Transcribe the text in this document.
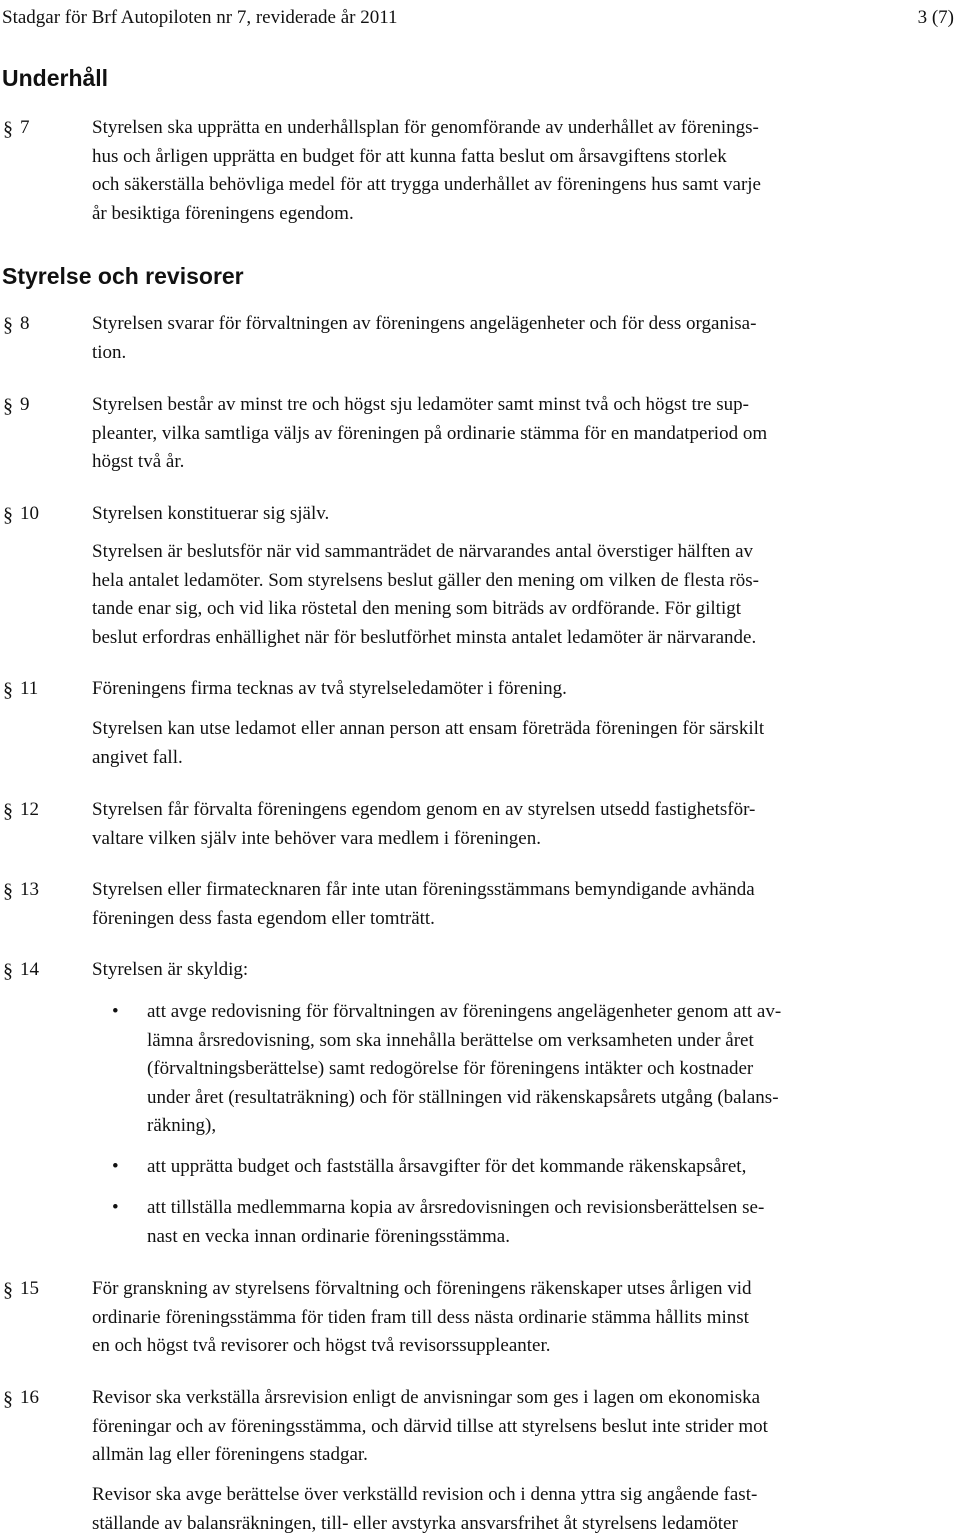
Stadgar för Brf Autopiloten nr 7, reviderade år 2011	3 (7)
Underhåll
§ 7	Styrelsen ska upprätta en underhållsplan för genomförande av underhållet av förenings-
hus och årligen upprätta en budget för att kunna fatta beslut om årsavgiftens storlek
och säkerställa behövliga medel för att trygga underhållet av föreningens hus samt varje
år besiktiga föreningens egendom.
Styrelse och revisorer
§ 8	Styrelsen svarar för förvaltningen av föreningens angelägenheter och för dess organisa-
tion.
§ 9	Styrelsen består av minst tre och högst sju ledamöter samt minst två och högst tre sup-
pleanter, vilka samtliga väljs av föreningen på ordinarie stämma för en mandatperiod om
högst två år.
§ 10	Styrelsen konstituerar sig själv.
Styrelsen är beslutsför när vid sammanträdet de närvarandes antal överstiger hälften av
hela antalet ledamöter. Som styrelsens beslut gäller den mening om vilken de flesta rös-
tande enar sig, och vid lika röstetal den mening som biträds av ordförande. För giltigt
beslut erfordras enhällighet när för beslutförhet minsta antalet ledamöter är närvarande.
§ 11	Föreningens firma tecknas av två styrelseledamöter i förening.
Styrelsen kan utse ledamot eller annan person att ensam företräda föreningen för särskilt
angivet fall.
§ 12	Styrelsen får förvalta föreningens egendom genom en av styrelsen utsedd fastighetsför-
valtare vilken själv inte behöver vara medlem i föreningen.
§ 13	Styrelsen eller firmatecknaren får inte utan föreningsstämmans bemyndigande avhända
föreningen dess fasta egendom eller tomträtt.
§ 14	Styrelsen är skyldig:
• att avge redovisning för förvaltningen av föreningens angelägenheter genom att av-
lämna årsredovisning, som ska innehålla berättelse om verksamheten under året
(förvaltningsberättelse) samt redogörelse för föreningens intäkter och kostnader
under året (resultaträkning) och för ställningen vid räkenskapsårets utgång (balans-
räkning),
• att upprätta budget och fastställa årsavgifter för det kommande räkenskapsåret,
• att tillställa medlemmarna kopia av årsredovisningen och revisionsberättelsen se-
nast en vecka innan ordinarie föreningsstämma.
§ 15	För granskning av styrelsens förvaltning och föreningens räkenskaper utses årligen vid
ordinarie föreningsstämma för tiden fram till dess nästa ordinarie stämma hållits minst
en och högst två revisorer och högst två revisorssuppleanter.
§ 16	Revisor ska verkställa årsrevision enligt de anvisningar som ges i lagen om ekonomiska
föreningar och av föreningsstämma, och därvid tillse att styrelsens beslut inte strider mot
allmän lag eller föreningens stadgar.
Revisor ska avge berättelse över verkställd revision och i denna yttra sig angående fast-
ställande av balansräkningen, till- eller avstyrka ansvarsfrihet åt styrelsens ledamöter
